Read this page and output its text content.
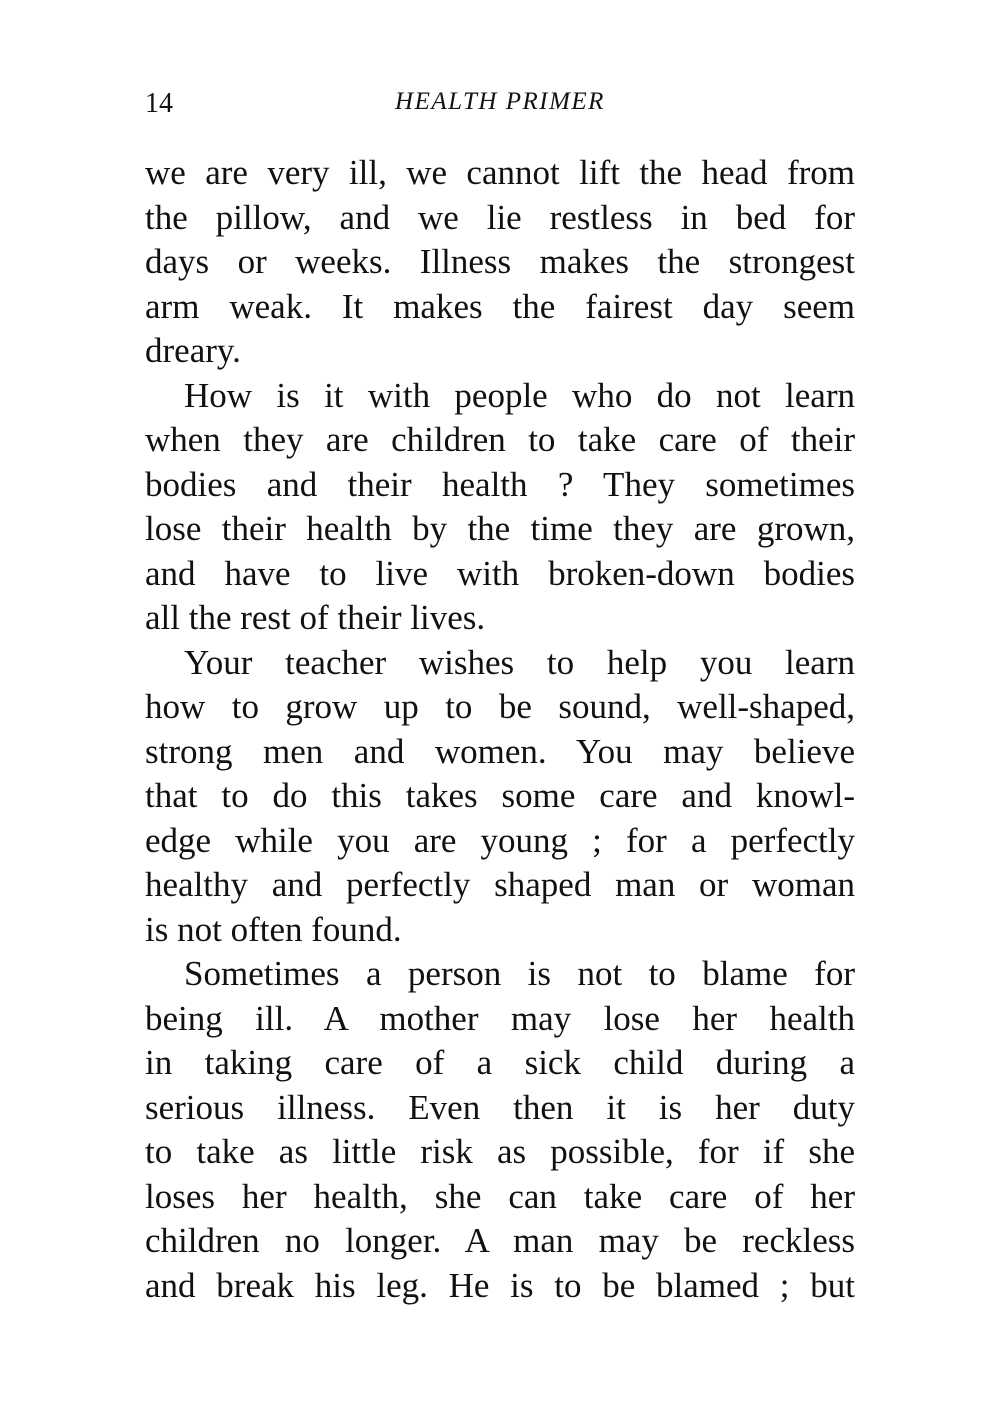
14	HEALTH PRIMER
we are very ill, we cannot lift the head from
the pillow, and we lie restless in bed for
days or weeks. Illness makes the strongest
arm weak. It makes the fairest day seem
dreary.
How is it with people who do not learn
when they are children to take care of their
bodies and their health ? They sometimes
lose their health by the time they are grown,
and have to live with broken-down bodies
all the rest of their lives.
Your teacher wishes to help you learn
how to grow up to be sound, well-shaped,
strong men and women. You may believe
that to do this takes some care and knowl-
edge while you are young ; for a perfectly
healthy and perfectly shaped man or woman
is not often found.
Sometimes a person is not to blame for
being ill. A mother may lose her health
in taking care of a sick child during a
serious illness. Even then it is her duty
to take as little risk as possible, for if she
loses her health, she can take care of her
children no longer. A man may be reckless
and break his leg. He is to be blamed ; but
